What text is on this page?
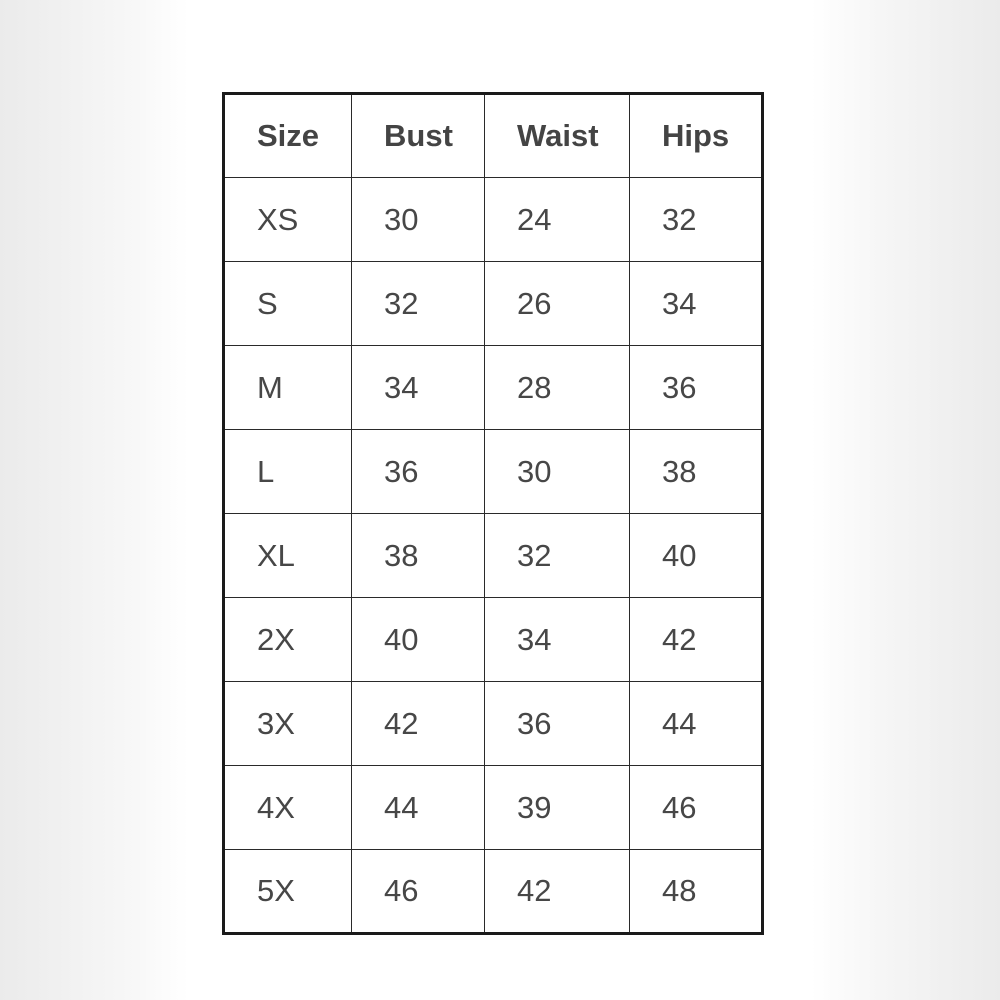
Size	Bust	Waist	Hips
XS	30	24	32
S	32	26	34
M	34	28	36
L	36	30	38
XL	38	32	40
2X	40	34	42
3X	42	36	44
4X	44	39	46
5X	46	42	48
